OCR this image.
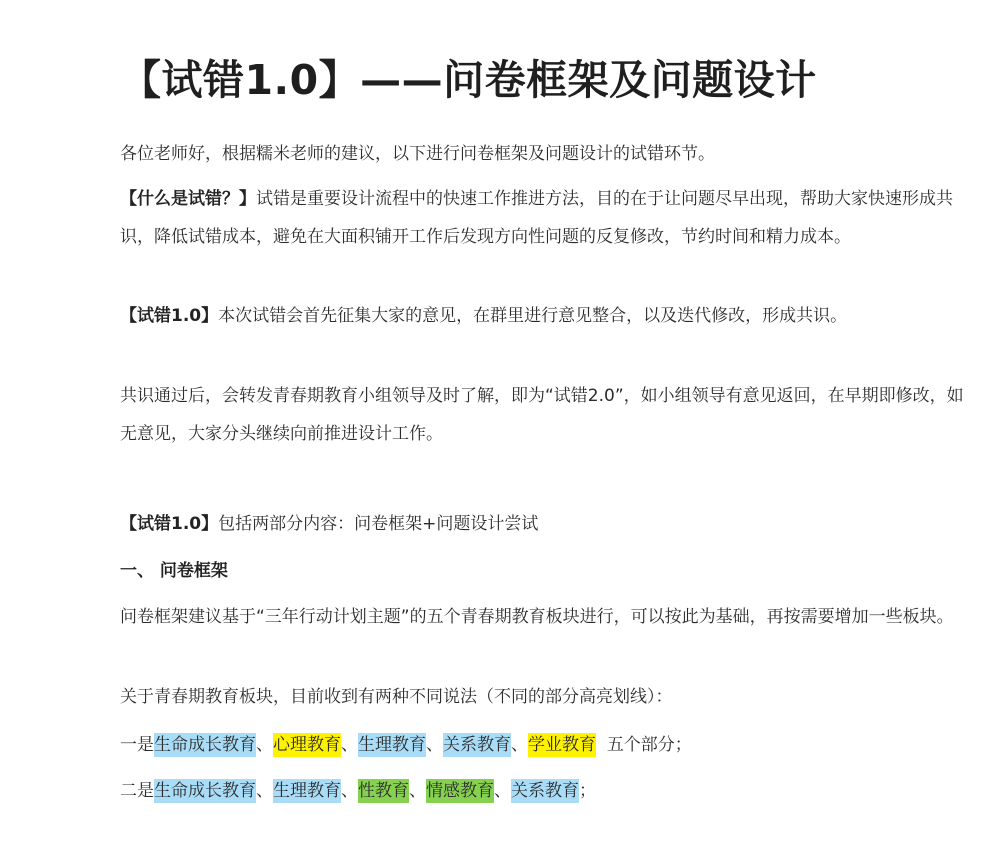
【试错1.0】——问卷框架及问题设计

各位老师好，根据糯米老师的建议，以下进行问卷框架及问题设计的试错环节。

【什么是试错？】试错是重要设计流程中的快速工作推进方法，目的在于让问题尽早出现，帮助大家快速形成共识，降低试错成本，避免在大面积铺开工作后发现方向性问题的反复修改，节约时间和精力成本。

【试错1.0】本次试错会首先征集大家的意见，在群里进行意见整合，以及迭代修改，形成共识。

共识通过后，会转发青春期教育小组领导及时了解，即为“试错2.0”，如小组领导有意见返回，在早期即修改，如无意见，大家分头继续向前推进设计工作。

【试错1.0】包括两部分内容：问卷框架+问题设计尝试

一、 问卷框架

问卷框架建议基于“三年行动计划主题”的五个青春期教育板块进行，可以按此为基础，再按需要增加一些板块。

关于青春期教育板块，目前收到有两种不同说法（不同的部分高亮划线）：

一是生命成长教育、心理教育、生理教育、关系教育、学业教育 五个部分；

二是生命成长教育、生理教育、性教育、情感教育、关系教育；
